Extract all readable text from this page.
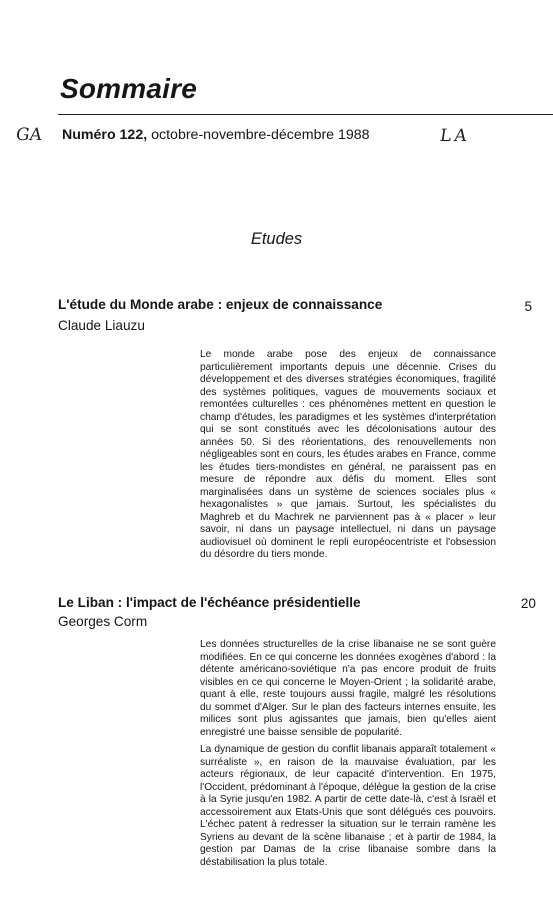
Sommaire
GA Numéro 122, octobre-novembre-décembre 1988	LA
Etudes
L'étude du Monde arabe : enjeux de connaissance	5
Claude Liauzu

Le monde arabe pose des enjeux de connaissance particulièrement importants depuis une décennie. Crises du développement et des diverses stratégies économiques, fragilité des systèmes politiques, vagues de mouvements sociaux et remontées culturelles : ces phénomènes mettent en question le champ d'études, les paradigmes et les systèmes d'interprétation qui se sont constitués avec les décolonisations autour des années 50. Si des réorientations, des renouvellements non négligeables sont en cours, les études arabes en France, comme les études tiers-mondistes en général, ne paraissent pas en mesure de répondre aux défis du moment. Elles sont marginalisées dans un système de sciences sociales plus « hexagonalistes » que jamais. Surtout, les spécialistes du Maghreb et du Machrek ne parviennent pas à « placer » leur savoir, ni dans un paysage intellectuel, ni dans un paysage audiovisuel où dominent le repli européocentriste et l'obsession du désordre du tiers monde.

Le Liban : l'impact de l'échéance présidentielle	20
Georges Corm

Les données structurelles de la crise libanaise ne se sont guère modifiées. En ce qui concerne les données exogènes d'abord : la détente américano-soviétique n'a pas encore produit de fruits visibles en ce qui concerne le Moyen-Orient ; la solidarité arabe, quant à elle, reste toujours aussi fragile, malgré les résolutions du sommet d'Alger. Sur le plan des facteurs internes ensuite, les milices sont plus agissantes que jamais, bien qu'elles aient enregistré une baisse sensible de popularité.

La dynamique de gestion du conflit libanais apparaît totalement « surréaliste », en raison de la mauvaise évaluation, par les acteurs régionaux, de leur capacité d'intervention. En 1975, l'Occident, prédominant à l'époque, délègue la gestion de la crise à la Syrie jusqu'en 1982. A partir de cette date-là, c'est à Israël et accessoirement aux Etats-Unis que sont délégués ces pouvoirs. L'échec patent à redresser la situation sur le terrain ramène les Syriens au devant de la scène libanaise ; et à partir de 1984, la gestion par Damas de la crise libanaise sombre dans la déstabilisation la plus totale.
